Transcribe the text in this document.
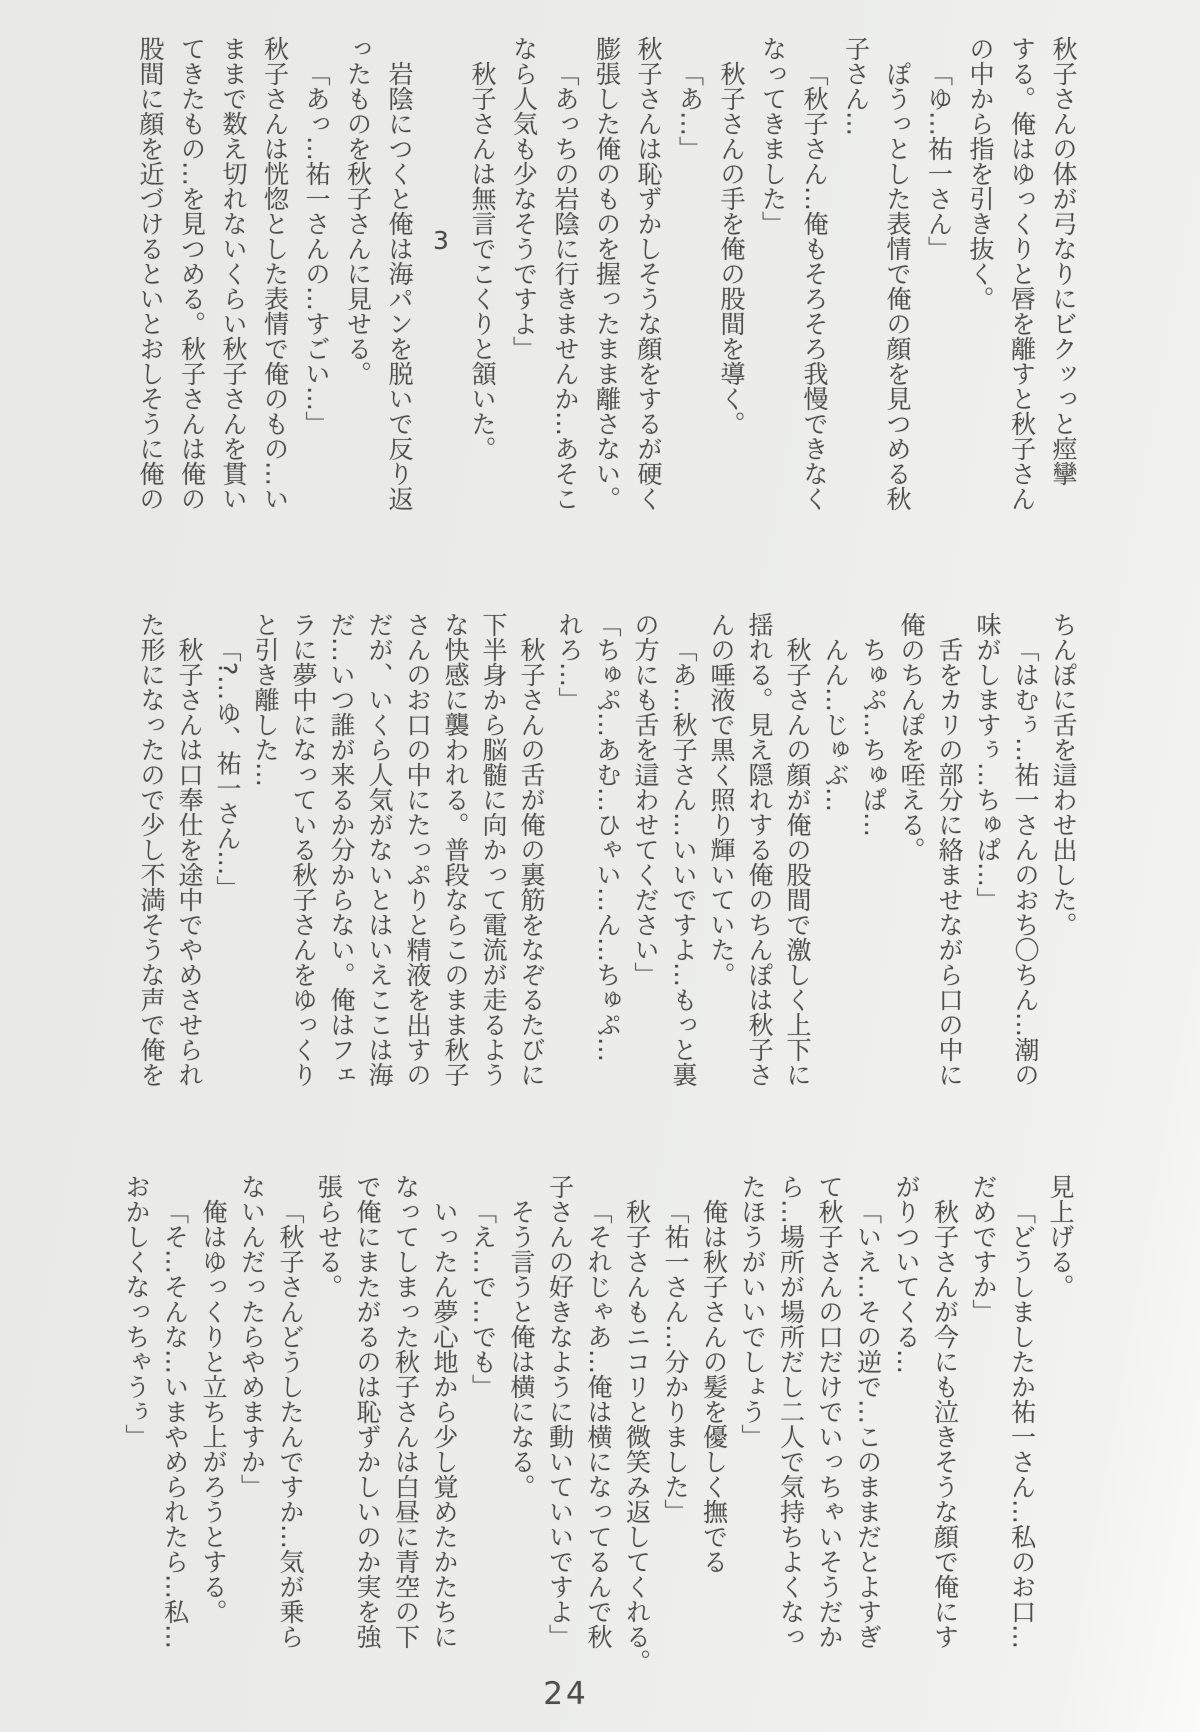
秋子さんの体が弓なりにビクッっと痙攣
する。俺はゆっくりと唇を離すと秋子さん
の中から指を引き抜く。
「ゆ…祐一さん」
ぽうっとした表情で俺の顔を見つめる秋
子さん…
「秋子さん…俺もそろそろ我慢できなく
なってきました」
秋子さんの手を俺の股間を導く。
「あ…」
秋子さんは恥ずかしそうな顔をするが硬く
膨張した俺のものを握ったまま離さない。
「あっちの岩陰に行きませんか…あそこ
なら人気も少なそうですよ」
秋子さんは無言でこくりと頷いた。
3
岩陰につくと俺は海パンを脱いで反り返
ったものを秋子さんに見せる。
「あっ…祐一さんの…すごい…」
秋子さんは恍惚とした表情で俺のもの…い
ままで数え切れないくらい秋子さんを貫い
てきたもの…を見つめる。秋子さんは俺の
股間に顔を近づけるといとおしそうに俺の
ちんぽに舌を這わせ出した。
「はむぅ…祐一さんのおち〇ちん…潮の
味がしますぅ…ちゅぱ…」
舌をカリの部分に絡ませながら口の中に
俺のちんぽを咥える。
ちゅぷ…ちゅぱ…
んん…じゅぶ…
秋子さんの顔が俺の股間で激しく上下に
揺れる。見え隠れする俺のちんぽは秋子さ
んの唾液で黒く照り輝いていた。
「あ…秋子さん…いいですよ…もっと裏
の方にも舌を這わせてください」
「ちゅぷ…あむ…ひゃい…ん…ちゅぷ…
れろ…」
秋子さんの舌が俺の裏筋をなぞるたびに
下半身から脳髄に向かって電流が走るよう
な快感に襲われる。普段ならこのまま秋子
さんのお口の中にたっぷりと精液を出すの
だが、いくら人気がないとはいえここは海
だ…いつ誰が来るか分からない。俺はフェ
ラに夢中になっている秋子さんをゆっくり
と引き離した…
「?…ゆ、祐一さん…」
秋子さんは口奉仕を途中でやめさせられ
た形になったので少し不満そうな声で俺を
見上げる。
「どうしましたか祐一さん…私のお口…
だめですか」
秋子さんが今にも泣きそうな顔で俺にす
がりついてくる…
「いえ…その逆で…このままだとよすぎ
て秋子さんの口だけでいっちゃいそうだか
ら…場所が場所だし二人で気持ちよくなっ
たほうがいいでしょう」
俺は秋子さんの髪を優しく撫でる
「祐一さん…分かりました」
秋子さんもニコリと微笑み返してくれる。
「それじゃあ…俺は横になってるんで秋
子さんの好きなように動いていいですよ」
そう言うと俺は横になる。
「え…で…でも」
いったん夢心地から少し覚めたかたちに
なってしまった秋子さんは白昼に青空の下
で俺にまたがるのは恥ずかしいのか実を強
張らせる。
「秋子さんどうしたんですか…気が乗ら
ないんだったらやめますか」
俺はゆっくりと立ち上がろうとする。
「そ…そんな…いまやめられたら…私…
おかしくなっちゃうぅ」
24
